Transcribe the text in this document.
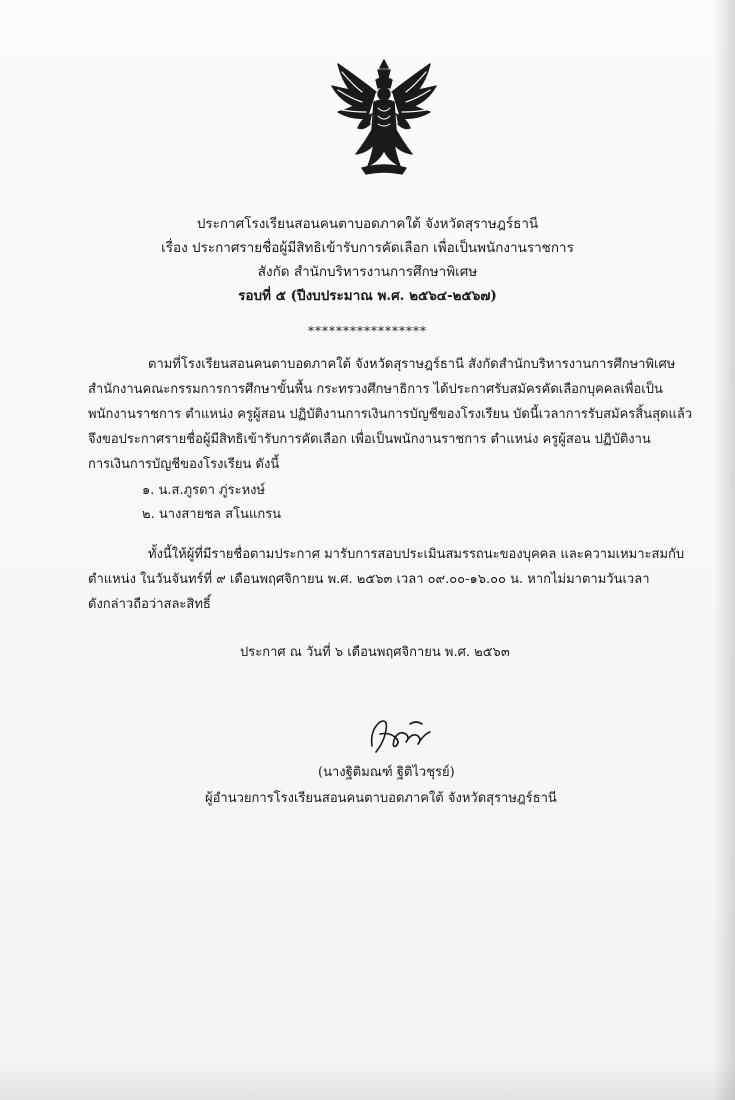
ประกาศโรงเรียนสอนคนตาบอดภาคใต้ จังหวัดสุราษฎร์ธานี
เรื่อง ประกาศรายชื่อผู้มีสิทธิเข้ารับการคัดเลือก เพื่อเป็นพนักงานราชการ
สังกัด สำนักบริหารงานการศึกษาพิเศษ
รอบที่ ๕ (ปีงบประมาณ พ.ศ. ๒๕๖๔-๒๕๖๗)
*****************
ตามที่โรงเรียนสอนคนตาบอดภาคใต้ จังหวัดสุราษฎร์ธานี สังกัดสำนักบริหารงานการศึกษาพิเศษ
สำนักงานคณะกรรมการการศึกษาขั้นพื้น กระทรวงศึกษาธิการ ได้ประกาศรับสมัครคัดเลือกบุคคลเพื่อเป็น
พนักงานราชการ ตำแหน่ง ครูผู้สอน ปฏิบัติงานการเงินการบัญชีของโรงเรียน บัดนี้เวลาการรับสมัครสิ้นสุดแล้ว
จึงขอประกาศรายชื่อผู้มีสิทธิเข้ารับการคัดเลือก เพื่อเป็นพนักงานราชการ ตำแหน่ง ครูผู้สอน ปฏิบัติงาน
การเงินการบัญชีของโรงเรียน ดังนี้
๑. น.ส.ภูรดา ภู่ระหงษ์
๒. นางสายชล สโนแกรน
ทั้งนี้ให้ผู้ที่มีรายชื่อตามประกาศ มารับการสอบประเมินสมรรถนะของบุคคล และความเหมาะสมกับ
ตำแหน่ง ในวันจันทร์ที่ ๙ เดือนพฤศจิกายน พ.ศ. ๒๕๖๓ เวลา ๐๙.๐๐-๑๖.๐๐ น. หากไม่มาตามวันเวลา
ดังกล่าวถือว่าสละสิทธิ์
ประกาศ ณ วันที่ ๖ เดือนพฤศจิกายน พ.ศ. ๒๕๖๓
(นางฐิติมณฑ์ ฐิติไวชุรย์)
ผู้อำนวยการโรงเรียนสอนคนตาบอดภาคใต้ จังหวัดสุราษฎร์ธานี
